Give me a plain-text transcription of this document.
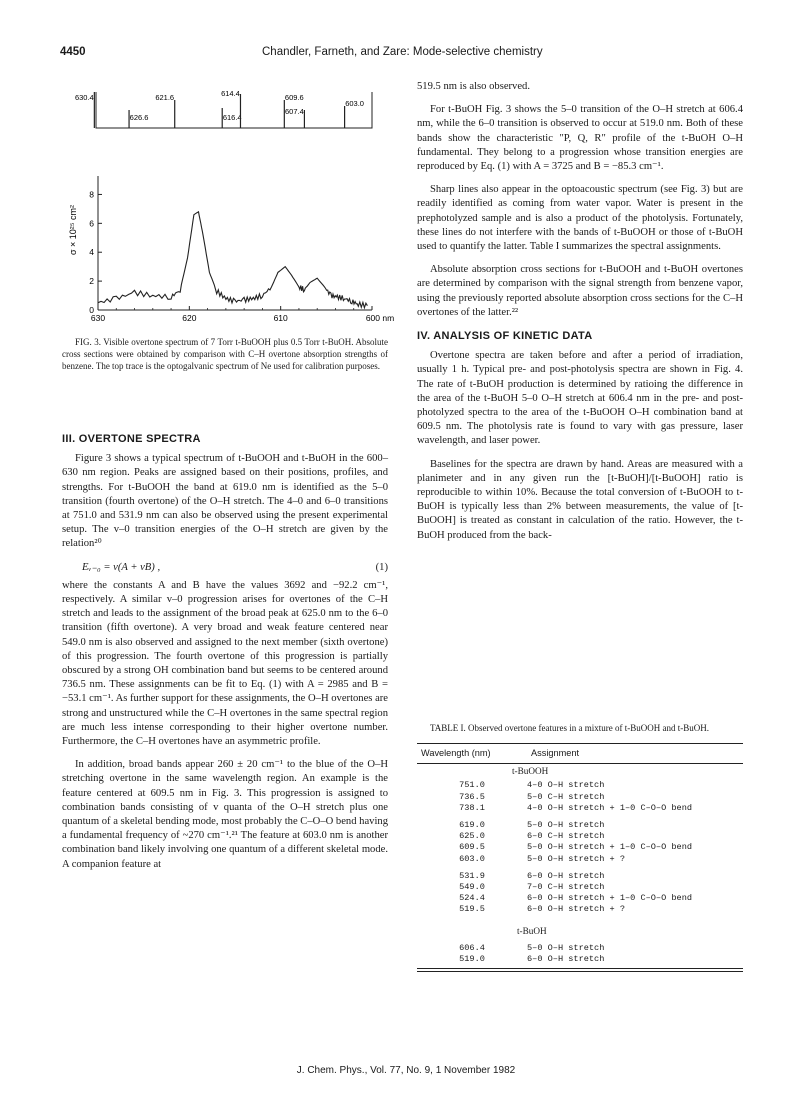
4450	Chandler, Farneth, and Zare: Mode-selective chemistry
630.4
626.6
621.6
616.4
614.4	609.6
607.4
603.0
0
2
4
6
8
630	620	610	600 nm
σ × 10²⁵ cm²

FIG. 3. Visible overtone spectrum of 7 Torr t-BuOOH plus 0.5 Torr t-BuOH. Absolute cross sections were obtained by comparison with C–H overtone absorption strengths of benzene. The top trace is the optogalvanic spectrum of Ne used for calibration purposes.

III. OVERTONE SPECTRA

Figure 3 shows a typical spectrum of t-BuOOH and t-BuOH in the 600–630 nm region. Peaks are assigned based on their positions, profiles, and strengths. For t-BuOOH the band at 619.0 nm is identified as the 5–0 transition (fourth overtone) of the O–H stretch. The 4–0 and 6–0 transitions at 751.0 and 531.9 nm can also be observed using the present experimental setup. The v–0 transition energies of the O–H stretch are given by the relation²⁰

Eᵥ₋₀ = v(A + vB) ,	(1)

where the constants A and B have the values 3692 and −92.2 cm⁻¹, respectively. A similar v–0 progression arises for overtones of the C–H stretch and leads to the assignment of the broad peak at 625.0 nm to the 6–0 transition (fifth overtone). A very broad and weak feature centered near 549.0 nm is also observed and assigned to the next member (sixth overtone) of this progression. The fourth overtone of this progression is partially obscured by a strong OH combination band but seems to be centered around 736.5 nm. These assignments can be fit to Eq. (1) with A = 2985 and B = −53.1 cm⁻¹. As further support for these assignments, the O–H overtones are strong and unstructured while the C–H overtones in the same spectral region are much less intense corresponding to their higher overtone number. Furthermore, the C–H overtones have an asymmetric profile.

In addition, broad bands appear 260 ± 20 cm⁻¹ to the blue of the O–H stretching overtone in the same wavelength region. An example is the feature centered at 609.5 nm in Fig. 3. This progression is assigned to combination bands consisting of v quanta of the O–H stretch plus one quantum of a skeletal bending mode, most probably the C–O–O bend having a fundamental frequency of ~270 cm⁻¹.²¹ The feature at 603.0 nm is another combination band likely involving one quantum of a different skeletal mode. A companion feature at

519.5 nm is also observed.

For t-BuOH Fig. 3 shows the 5–0 transition of the O–H stretch at 606.4 nm, while the 6–0 transition is observed to occur at 519.0 nm. Both of these bands show the characteristic "P, Q, R" profile of the t-BuOH O–H fundamental. They belong to a progression whose transition energies are reproduced by Eq. (1) with A = 3725 and B = −85.3 cm⁻¹.

Sharp lines also appear in the optoacoustic spectrum (see Fig. 3) but are readily identified as coming from water vapor. Water is present in the prephotolyzed sample and is also a product of the photolysis. Fortunately, these lines do not interfere with the bands of t-BuOOH or those of t-BuOH used to quantify the latter. Table I summarizes the spectral assignments.

Absolute absorption cross sections for t-BuOOH and t-BuOH overtones are determined by comparison with the signal strength from benzene vapor, using the previously reported absolute absorption cross sections for the C–H overtones of the latter.²²

IV. ANALYSIS OF KINETIC DATA

Overtone spectra are taken before and after a period of irradiation, usually 1 h. Typical pre- and post-photolysis spectra are shown in Fig. 4. The rate of t-BuOH production is determined by ratioing the difference in the area of the t-BuOH 5–0 O–H stretch at 606.4 nm in the pre- and post-photolyzed spectra to the area of the t-BuOOH O–H combination band at 609.5 nm. The photolysis rate is found to vary with gas pressure, laser wavelength, and laser power.

Baselines for the spectra are drawn by hand. Areas are measured with a planimeter and in any given run the [t-BuOH]/[t-BuOOH] ratio is reproducible to within 10%. Because the total conversion of t-BuOOH to t-BuOH is typically less than 2% between measurements, the value of [t-BuOOH] is treated as constant in calculation of the ratio. However, the t-BuOH produced from the back-

TABLE I. Observed overtone features in a mixture of t-BuOOH and t-BuOH.

Wavelength (nm)	Assignment
t-BuOOH	
751.0	4–0 O–H stretch
736.5	5–0 C–H stretch
738.1	4–0 O–H stretch + 1–0 C–O–O bend

619.0	5–0 O–H stretch
625.0	6–0 C–H stretch
609.5	5–0 O–H stretch + 1–0 C–O–O bend
603.0	5–0 O–H stretch + ?

531.9	6–0 O–H stretch
549.0	7–0 C–H stretch
524.4	6–0 O–H stretch + 1–0 C–O–O bend
519.5	6–0 O–H stretch + ?
t-BuOH	
606.4	5–0 O–H stretch
519.0	6–0 O–H stretch

J. Chem. Phys., Vol. 77, No. 9, 1 November 1982
